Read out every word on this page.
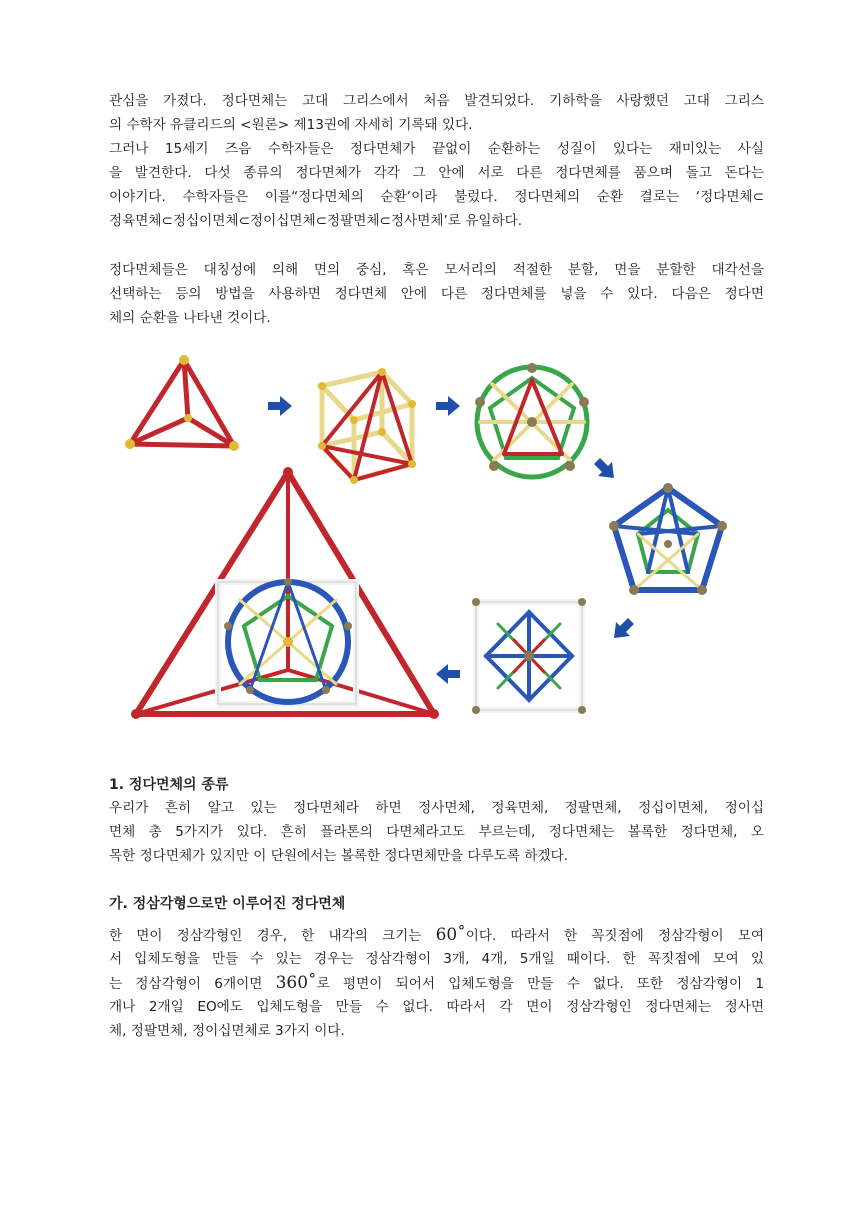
관심을 가졌다. 정다면체는 고대 그리스에서 처음 발견되었다. 기하학을 사랑했던 고대 그리스
의 수학자 유클리드의 <원론> 제13권에 자세히 기록돼 있다.
그러나 15세기 즈음 수학자들은 정다면체가 끝없이 순환하는 성질이 있다는 재미있는 사실
을 발견한다. 다섯 종류의 정다면체가 각각 그 안에 서로 다른 정다면체를 품으며 돌고 돈다는
이야기다. 수학자들은 이를“정다면체의 순환’이라 불렀다. 정다면체의 순환 결로는 ‘정다면체⊂
정육면체⊂정십이면체⊂정이십면체⊂정팔면체⊂정사면체’로 유일하다.
정다면체들은 대칭성에 의해 면의 중심, 혹은 모서리의 적절한 분할, 면을 분할한 대각선을
선택하는 등의 방법을 사용하면 정다면체 안에 다른 정다면체를 넣을 수 있다. 다음은 정다면
체의 순환을 나타낸 것이다.
1. 정다면체의 종류
우리가 흔히 알고 있는 정다면체라 하면 정사면체, 정육면체, 정팔면체, 정십이면체, 정이십
면체 총 5가지가 있다. 흔히 플라톤의 다면체라고도 부르는데, 정다면체는 볼록한 정다면체, 오
목한 정다면체가 있지만 이 단원에서는 볼록한 정다면체만을 다루도록 하겠다.
가. 정삼각형으로만 이루어진 정다면체
한 면이 정삼각형인 경우, 한 내각의 크기는 60˚이다. 따라서 한 꼭짓점에 정삼각형이 모여
서 입체도형을 만들 수 있는 경우는 정삼각형이 3개, 4개, 5개일 때이다. 한 꼭짓점에 모여 있
는 정삼각형이 6개이면 360˚로 평면이 되어서 입체도형을 만들 수 없다. 또한 정삼각형이 1
개나 2개일 EO에도 입체도형을 만들 수 없다. 따라서 각 면이 정삼각형인 정다면체는 정사면
체, 정팔면체, 정이십면체로 3가지 이다.
